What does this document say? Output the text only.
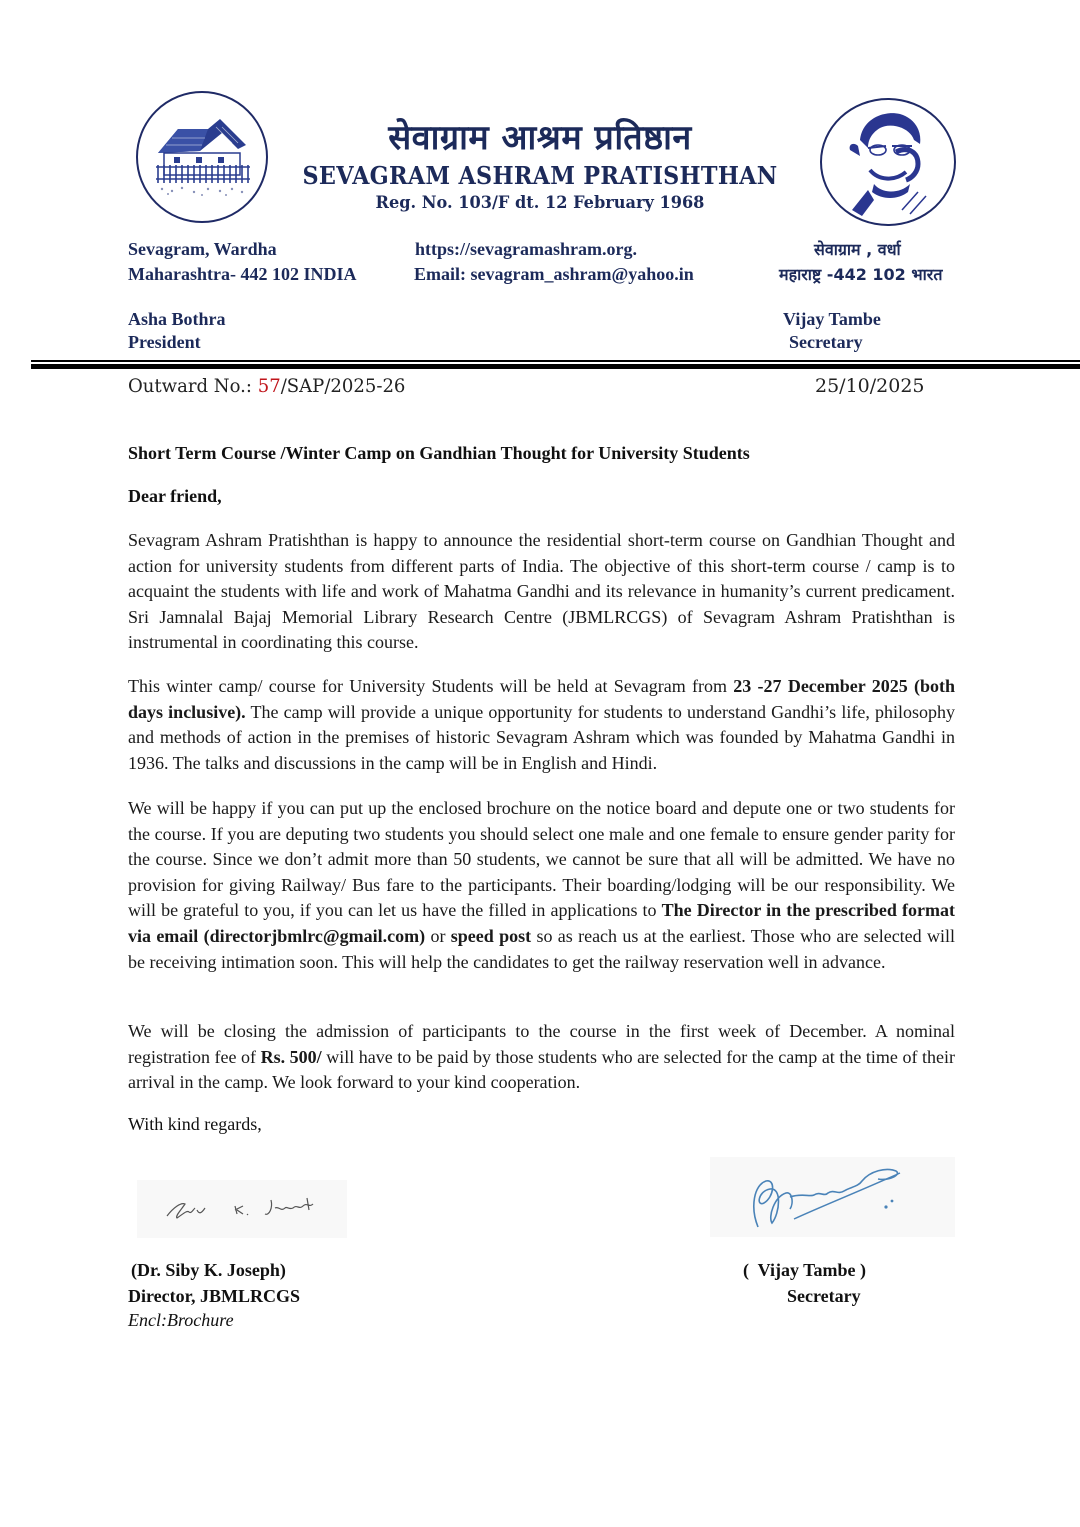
सेवाग्राम आश्रम प्रतिष्ठान
SEVAGRAM ASHRAM PRATISHTHAN
Reg. No. 103/F dt. 12 February 1968
Sevagram, Wardha
Maharashtra- 442 102 INDIA
https://sevagramashram.org.
Email: sevagram_ashram@yahoo.in
सेवाग्राम , वर्धा
महाराष्ट्र -442 102 भारत
Asha Bothra
President
Vijay Tambe
Secretary
Outward No.: 57/SAP/2025-26	25/10/2025
Short Term Course /Winter Camp on Gandhian Thought for University Students
Dear friend,
Sevagram Ashram Pratishthan is happy to announce the residential short-term course on Gandhian Thought and action for university students from different parts of India. The objective of this short-term course / camp is to acquaint the students with life and work of Mahatma Gandhi and its relevance in humanity’s current predicament. Sri Jamnalal Bajaj Memorial Library Research Centre (JBMLRCGS) of Sevagram Ashram Pratishthan is instrumental in coordinating this course.
This winter camp/ course for University Students will be held at Sevagram from 23 -27 December 2025 (both days inclusive). The camp will provide a unique opportunity for students to understand Gandhi’s life, philosophy and methods of action in the premises of historic Sevagram Ashram which was founded by Mahatma Gandhi in 1936. The talks and discussions in the camp will be in English and Hindi.
We will be happy if you can put up the enclosed brochure on the notice board and depute one or two students for the course. If you are deputing two students you should select one male and one female to ensure gender parity for the course. Since we don’t admit more than 50 students, we cannot be sure that all will be admitted. We have no provision for giving Railway/ Bus fare to the participants. Their boarding/lodging will be our responsibility. We will be grateful to you, if you can let us have the filled in applications to The Director in the prescribed format via email (directorjbmlrc@gmail.com) or speed post so as reach us at the earliest. Those who are selected will be receiving intimation soon. This will help the candidates to get the railway reservation well in advance.
We will be closing the admission of participants to the course in the first week of December. A nominal registration fee of Rs. 500/ will have to be paid by those students who are selected for the camp at the time of their arrival in the camp. We look forward to your kind cooperation.
With kind regards,
(Dr. Siby K. Joseph)
Director, JBMLRCGS
Encl:Brochure
(  Vijay Tambe )
Secretary
